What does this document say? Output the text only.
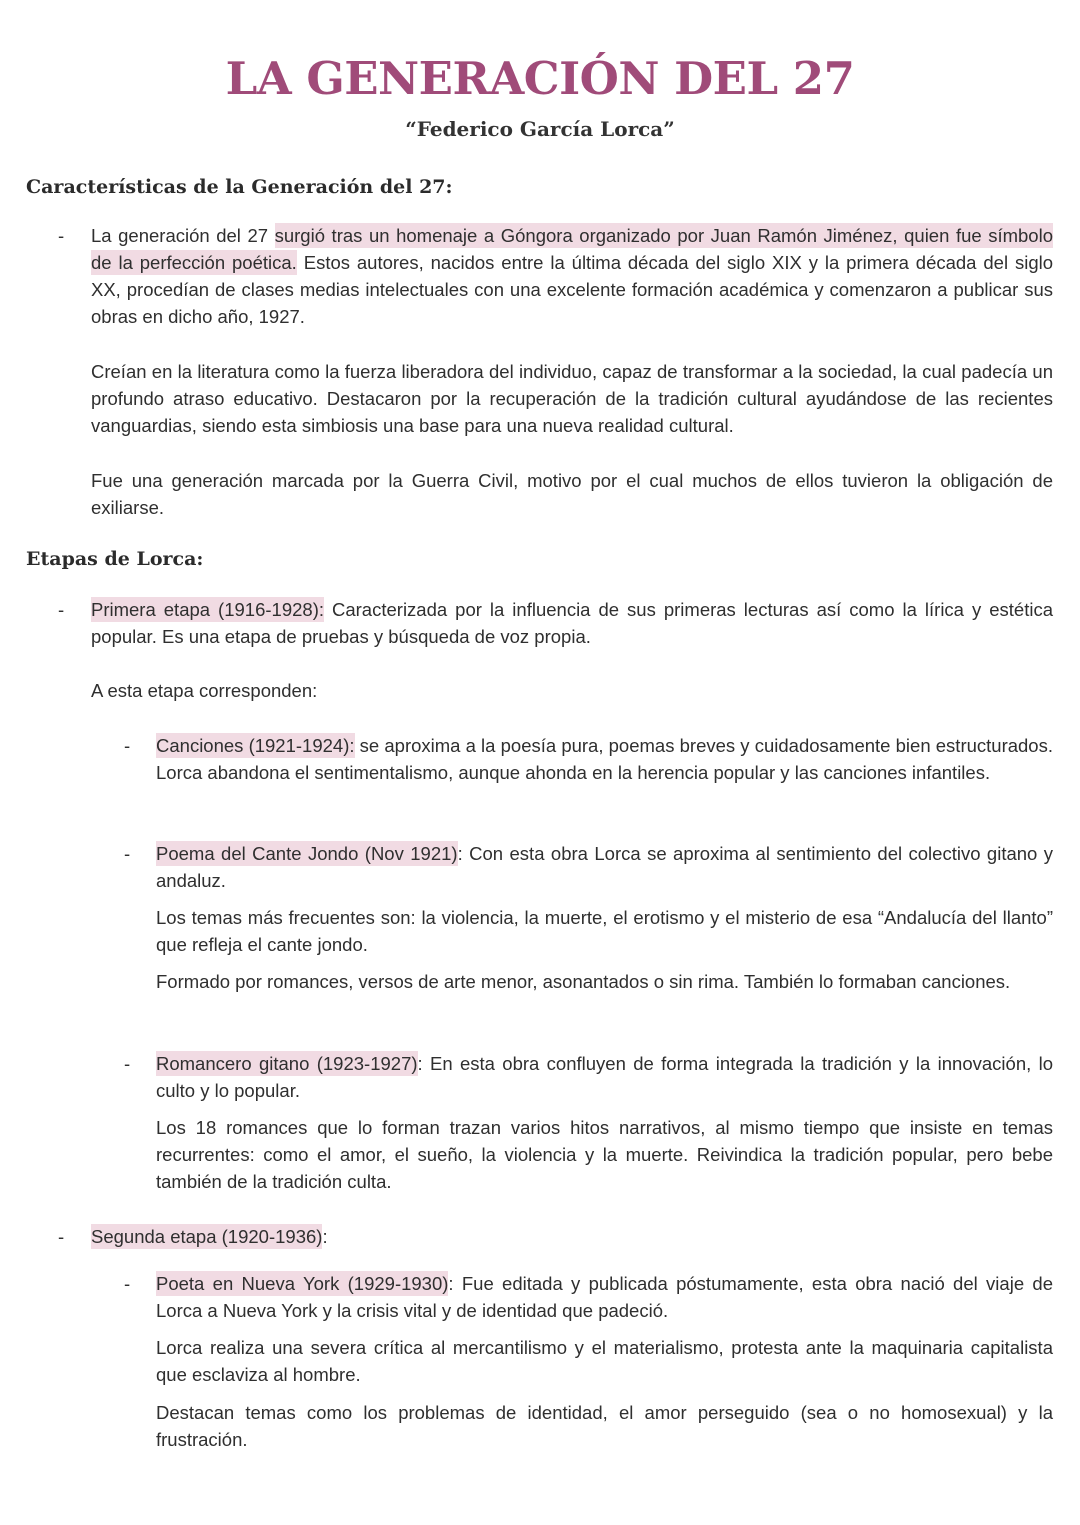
LA GENERACIÓN DEL 27
“Federico García Lorca”
Características de la Generación del 27:
- La generación del 27 surgió tras un homenaje a Góngora organizado por Juan Ramón Jiménez, quien fue símbolo de la perfección poética. Estos autores, nacidos entre la última década del siglo XIX y la primera década del siglo XX, procedían de clases medias intelectuales con una excelente formación académica y comenzaron a publicar sus obras en dicho año, 1927.

Creían en la literatura como la fuerza liberadora del individuo, capaz de transformar a la sociedad, la cual padecía un profundo atraso educativo. Destacaron por la recuperación de la tradición cultural ayudándose de las recientes vanguardias, siendo esta simbiosis una base para una nueva realidad cultural.

Fue una generación marcada por la Guerra Civil, motivo por el cual muchos de ellos tuvieron la obligación de exiliarse.

Etapas de Lorca:
- Primera etapa (1916-1928): Caracterizada por la influencia de sus primeras lecturas así como la lírica y estética popular. Es una etapa de pruebas y búsqueda de voz propia.

A esta etapa corresponden:

- Canciones (1921-1924): se aproxima a la poesía pura, poemas breves y cuidadosamente bien estructurados. Lorca abandona el sentimentalismo, aunque ahonda en la herencia popular y las canciones infantiles.

- Poema del Cante Jondo (Nov 1921): Con esta obra Lorca se aproxima al sentimiento del colectivo gitano y andaluz.

Los temas más frecuentes son: la violencia, la muerte, el erotismo y el misterio de esa “Andalucía del llanto” que refleja el cante jondo.

Formado por romances, versos de arte menor, asonantados o sin rima. También lo formaban canciones.

- Romancero gitano (1923-1927): En esta obra confluyen de forma integrada la tradición y la innovación, lo culto y lo popular.

Los 18 romances que lo forman trazan varios hitos narrativos, al mismo tiempo que insiste en temas recurrentes: como el amor, el sueño, la violencia y la muerte. Reivindica la tradición popular, pero bebe también de la tradición culta.

- Segunda etapa (1920-1936):

- Poeta en Nueva York (1929-1930): Fue editada y publicada póstumamente, esta obra nació del viaje de Lorca a Nueva York y la crisis vital y de identidad que padeció.

Lorca realiza una severa crítica al mercantilismo y el materialismo, protesta ante la maquinaria capitalista que esclaviza al hombre.

Destacan temas como los problemas de identidad, el amor perseguido (sea o no homosexual) y la frustración.
